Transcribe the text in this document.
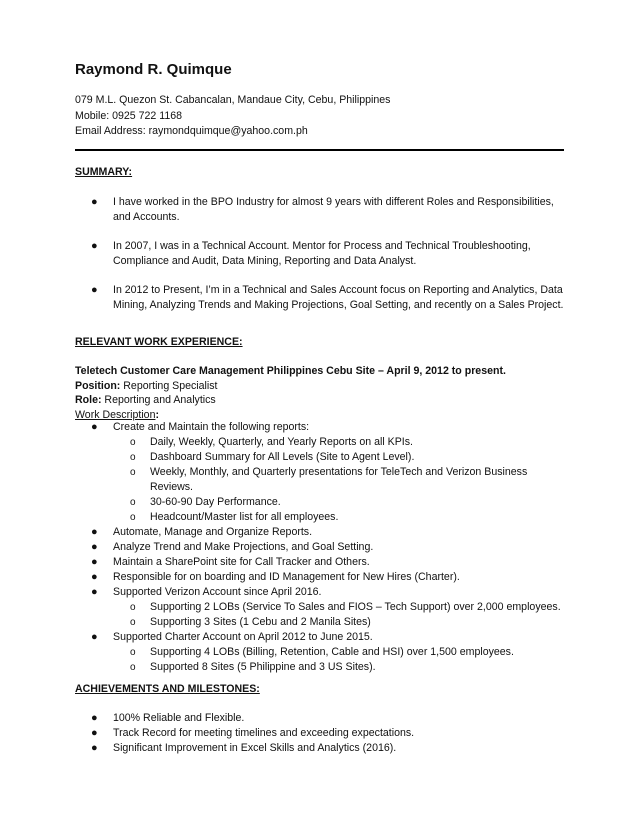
Raymond R. Quimque
079 M.L. Quezon St. Cabancalan, Mandaue City, Cebu, Philippines
Mobile: 0925 722 1168
Email Address: raymondquimque@yahoo.com.ph
SUMMARY:
● I have worked in the BPO Industry for almost 9 years with different Roles and Responsibilities, and Accounts.
● In 2007, I was in a Technical Account. Mentor for Process and Technical Troubleshooting, Compliance and Audit, Data Mining, Reporting and Data Analyst.
● In 2012 to Present, I’m in a Technical and Sales Account focus on Reporting and Analytics, Data Mining, Analyzing Trends and Making Projections, Goal Setting, and recently on a Sales Project.
RELEVANT WORK EXPERIENCE:
Teletech Customer Care Management Philippines Cebu Site – April 9, 2012 to present.
Position: Reporting Specialist
Role: Reporting and Analytics
Work Description:
● Create and Maintain the following reports:
o Daily, Weekly, Quarterly, and Yearly Reports on all KPIs.
o Dashboard Summary for All Levels (Site to Agent Level).
o Weekly, Monthly, and Quarterly presentations for TeleTech and Verizon Business Reviews.
o 30-60-90 Day Performance.
o Headcount/Master list for all employees.
● Automate, Manage and Organize Reports.
● Analyze Trend and Make Projections, and Goal Setting.
● Maintain a SharePoint site for Call Tracker and Others.
● Responsible for on boarding and ID Management for New Hires (Charter).
● Supported Verizon Account since April 2016.
o Supporting 2 LOBs (Service To Sales and FIOS – Tech Support) over 2,000 employees.
o Supporting 3 Sites (1 Cebu and 2 Manila Sites)
● Supported Charter Account on April 2012 to June 2015.
o Supporting 4 LOBs (Billing, Retention, Cable and HSI) over 1,500 employees.
o Supported 8 Sites (5 Philippine and 3 US Sites).
ACHIEVEMENTS AND MILESTONES:
● 100% Reliable and Flexible.
● Track Record for meeting timelines and exceeding expectations.
● Significant Improvement in Excel Skills and Analytics (2016).
